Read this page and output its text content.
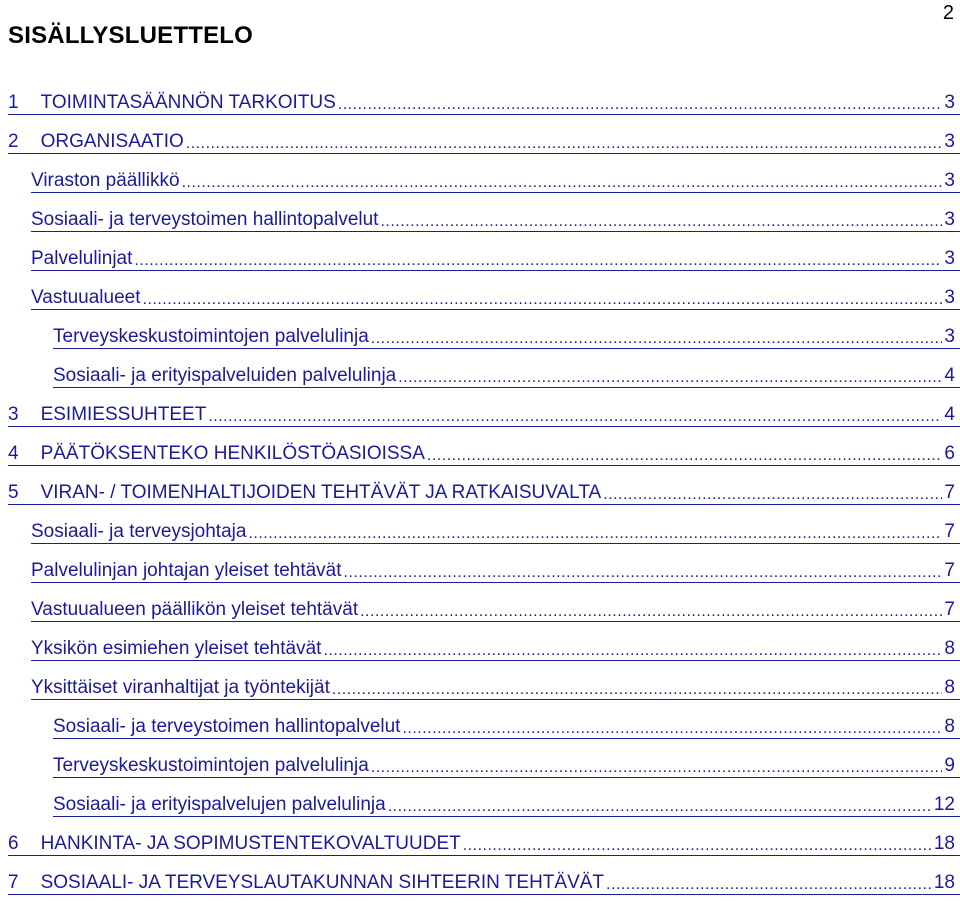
2
SISÄLLYSLUETTELO
1 TOIMINTASÄÄNNÖN TARKOITUS .....	3
2 ORGANISAATIO .....	3
Viraston päällikkö .....	3
Sosiaali- ja terveystoimen hallintopalvelut .....	3
Palvelulinjat .....	3
Vastuualueet .....	3
Terveyskeskustoimintojen palvelulinja .....	3
Sosiaali- ja erityispalveluiden palvelulinja .....	4
3 ESIMIESSUHTEET .....	4
4 PÄÄTÖKSENTEKO HENKILÖSTÖASIOISSA .....	6
5 VIRAN- / TOIMENHALTIJOIDEN TEHTÄVÄT JA RATKAISUVALTA .....	7
Sosiaali- ja terveysjohtaja .....	7
Palvelulinjan johtajan yleiset tehtävät .....	7
Vastuualueen päällikön yleiset tehtävät .....	7
Yksikön esimiehen yleiset tehtävät .....	8
Yksittäiset viranhaltijat ja työntekijät .....	8
Sosiaali- ja terveystoimen hallintopalvelut .....	8
Terveyskeskustoimintojen palvelulinja .....	9
Sosiaali- ja erityispalvelujen palvelulinja .....	12
6 HANKINTA- JA SOPIMUSTENTEKOVALTUUDET .....	18
7 SOSIAALI- JA TERVEYSLAUTAKUNNAN SIHTEERIN TEHTÄVÄT .....	18
